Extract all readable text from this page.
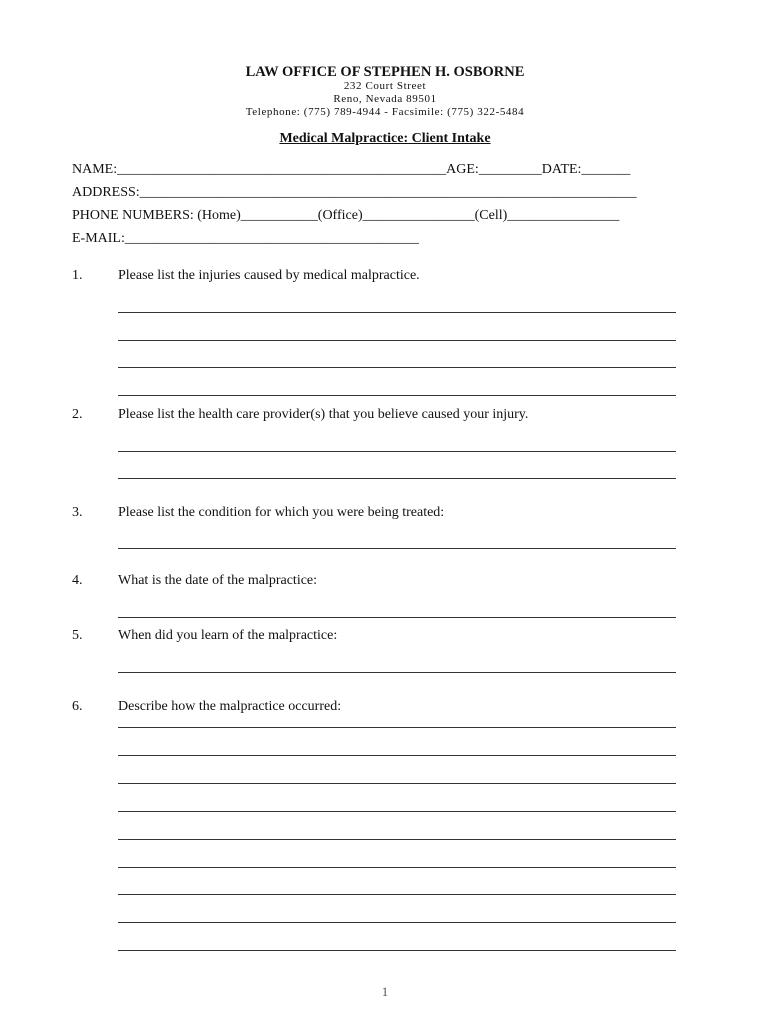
LAW OFFICE OF STEPHEN H. OSBORNE
232 Court Street
Reno, Nevada 89501
Telephone: (775) 789-4944 - Facsimile: (775) 322-5484
Medical Malpractice: Client Intake
NAME:_______________________________________________AGE:_________DATE:_______
ADDRESS:_______________________________________________________________________
PHONE NUMBERS: (Home)___________(Office)________________(Cell)________________
E-MAIL:__________________________________________
1.	Please list the injuries caused by medical malpractice.
2.	Please list the health care provider(s) that you believe caused your injury.
3.	Please list the condition for which you were being treated:
4.	What is the date of the malpractice:
5.	When did you learn of the malpractice:
6.	Describe how the malpractice occurred:
1
